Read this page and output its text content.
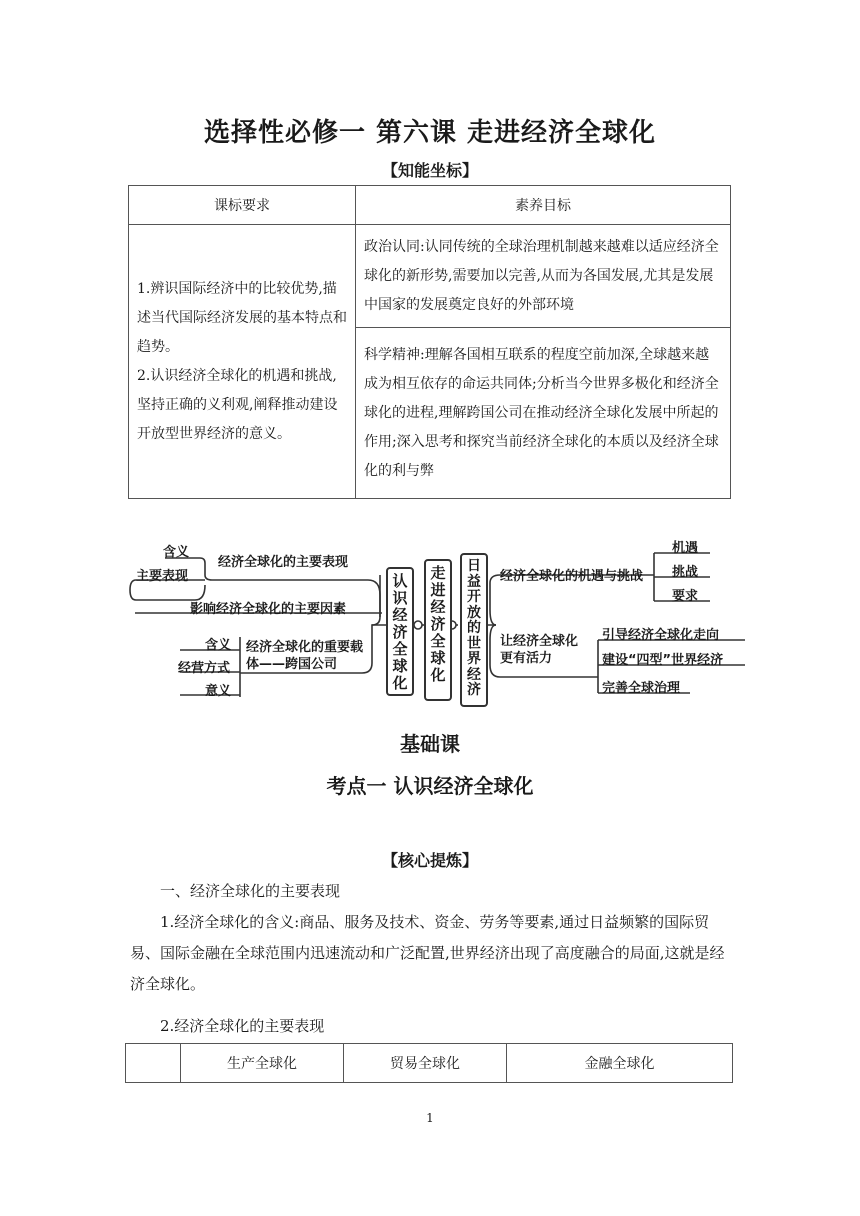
选择性必修一 第六课 走进经济全球化
【知能坐标】
课标要求	素养目标

1.辨识国际经济中的比较优势,描述当代国际经济发展的基本特点和趋势。
2.认识经济全球化的机遇和挑战,坚持正确的义利观,阐释推动建设开放型世界经济的意义。	政治认同:认同传统的全球治理机制越来越难以适应经济全球化的新形势,需要加以完善,从而为各国发展,尤其是发展中国家的发展奠定良好的外部环境
	科学精神:理解各国相互联系的程度空前加深,全球越来越成为相互依存的命运共同体;分析当今世界多极化和经济全球化的进程,理解跨国公司在推动经济全球化发展中所起的作用;深入思考和探究当前经济全球化的本质以及经济全球化的利与弊
含义
经济全球化的主要表现
主要表现
影响经济全球化的主要因素
经济全球化的重要载体——跨国公司
含义
经营方式
意义
认识经济全球化
走进经济全球化
日益开放的世界经济
经济全球化的机遇与挑战
机遇
挑战
要求
让经济全球化更有活力
引导经济全球化走向
建设“四型”世界经济
完善全球治理
基础课
考点一 认识经济全球化
【核心提炼】
一、经济全球化的主要表现
1.经济全球化的含义:商品、服务及技术、资金、劳务等要素,通过日益频繁的国际贸易、国际金融在全球范围内迅速流动和广泛配置,世界经济出现了高度融合的局面,这就是经济全球化。
2.经济全球化的主要表现
	生产全球化	贸易全球化	金融全球化
1
